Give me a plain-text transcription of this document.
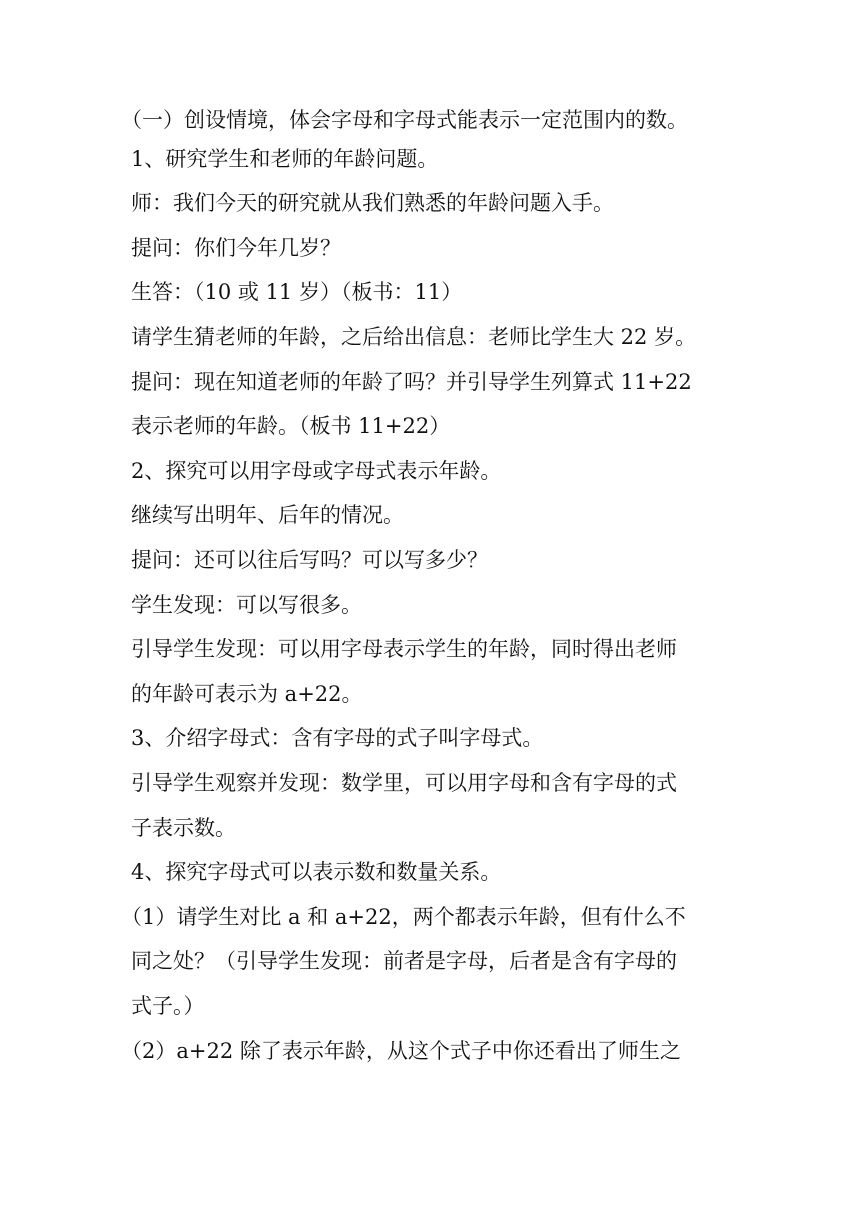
（一）创设情境，体会字母和字母式能表示一定范围内的数。
1、研究学生和老师的年龄问题。
师：我们今天的研究就从我们熟悉的年龄问题入手。
提问：你们今年几岁？
生答：（10 或 11 岁）（板书：11）
请学生猜老师的年龄，之后给出信息：老师比学生大 22 岁。
提问：现在知道老师的年龄了吗？并引导学生列算式 11+22
表示老师的年龄。（板书 11+22）
2、探究可以用字母或字母式表示年龄。
继续写出明年、后年的情况。
提问：还可以往后写吗？可以写多少？
学生发现：可以写很多。
引导学生发现：可以用字母表示学生的年龄，同时得出老师
的年龄可表示为 a+22。
3、介绍字母式：含有字母的式子叫字母式。
引导学生观察并发现：数学里，可以用字母和含有字母的式
子表示数。
4、探究字母式可以表示数和数量关系。
（1）请学生对比 a 和 a+22，两个都表示年龄，但有什么不
同之处？（引导学生发现：前者是字母，后者是含有字母的
式子。）
（2）a+22 除了表示年龄，从这个式子中你还看出了师生之
